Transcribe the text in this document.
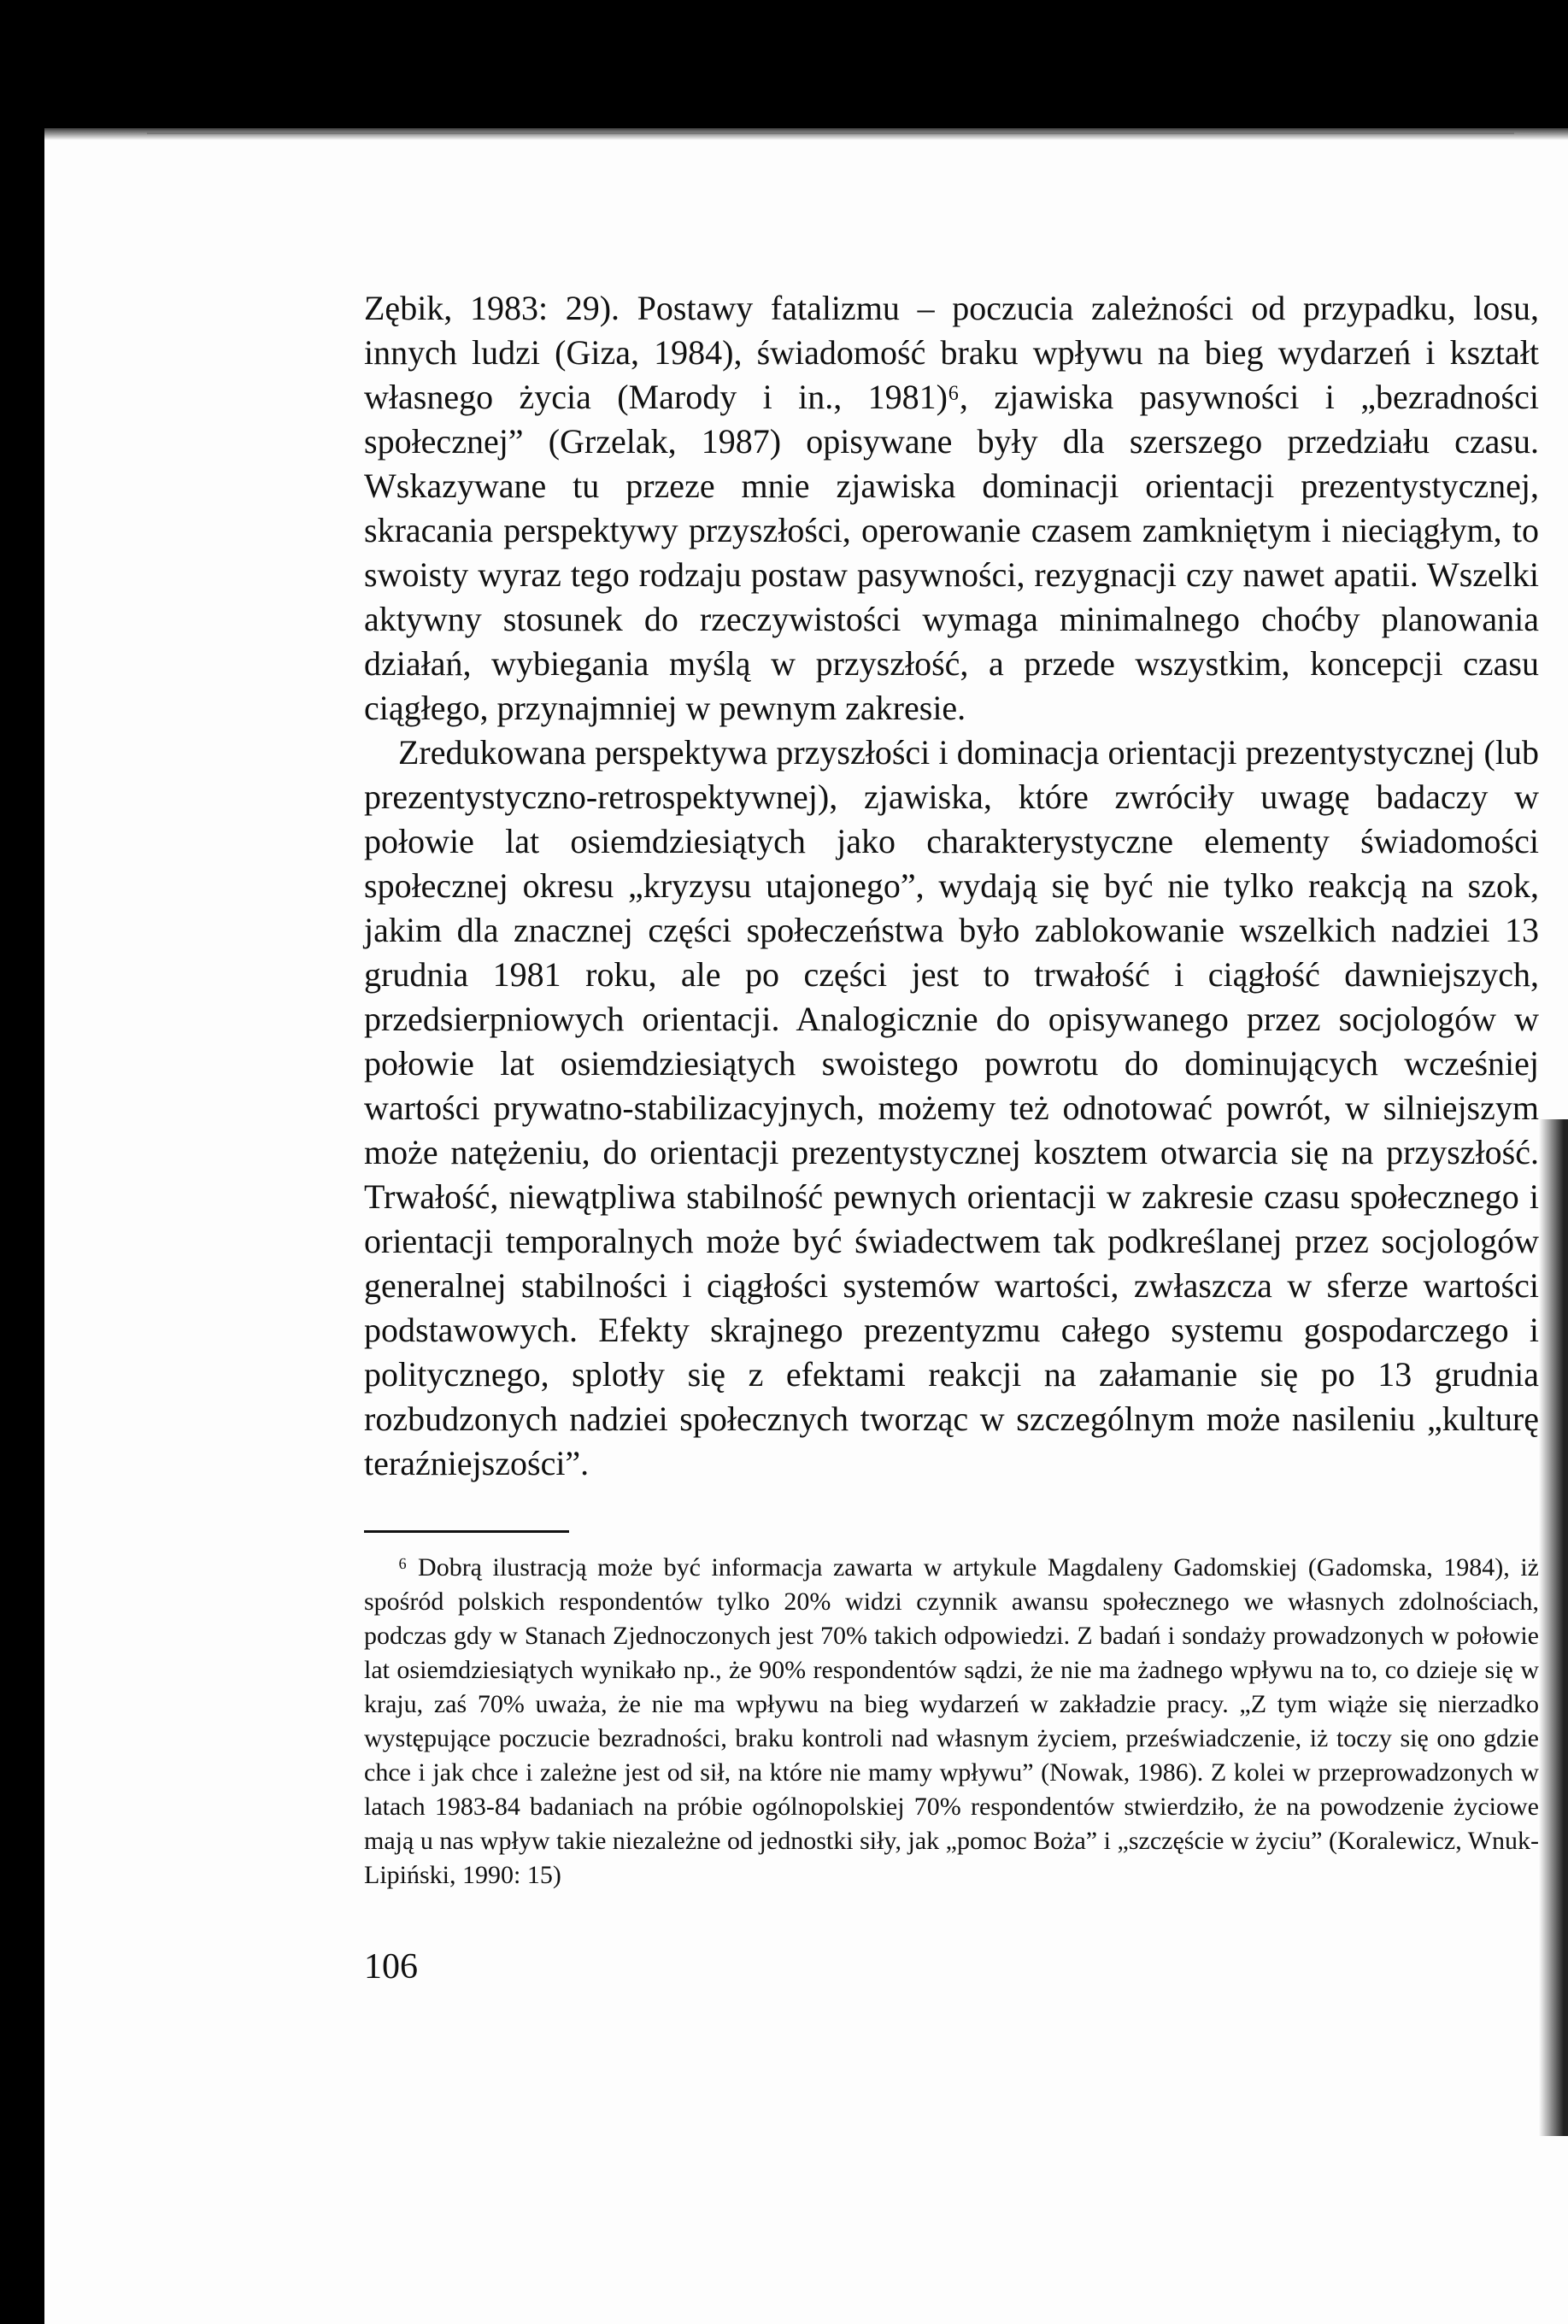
Zębik, 1983: 29). Postawy fatalizmu – poczucia zależności od przypadku, losu, innych ludzi (Giza, 1984), świadomość braku wpływu na bieg wydarzeń i kształt własnego życia (Marody i in., 1981)⁶, zjawiska pasywności i „bezradności społecznej” (Grzelak, 1987) opisywane były dla szerszego przedziału czasu. Wskazywane tu przeze mnie zjawiska dominacji orientacji prezentystycznej, skracania perspektywy przyszłości, operowanie czasem zamkniętym i nieciągłym, to swoisty wyraz tego rodzaju postaw pasywności, rezygnacji czy nawet apatii. Wszelki aktywny stosunek do rzeczywistości wymaga minimalnego choćby planowania działań, wybiegania myślą w przyszłość, a przede wszystkim, koncepcji czasu ciągłego, przynajmniej w pewnym zakresie.

Zredukowana perspektywa przyszłości i dominacja orientacji prezentystycznej (lub prezentystyczno-retrospektywnej), zjawiska, które zwróciły uwagę badaczy w połowie lat osiemdziesiątych jako charakterystyczne elementy świadomości społecznej okresu „kryzysu utajonego”, wydają się być nie tylko reakcją na szok, jakim dla znacznej części społeczeństwa było zablokowanie wszelkich nadziei 13 grudnia 1981 roku, ale po części jest to trwałość i ciągłość dawniejszych, przedsierpniowych orientacji. Analogicznie do opisywanego przez socjologów w połowie lat osiemdziesiątych swoistego powrotu do dominujących wcześniej wartości prywatno-stabilizacyjnych, możemy też odnotować powrót, w silniejszym może natężeniu, do orientacji prezentystycznej kosztem otwarcia się na przyszłość. Trwałość, niewątpliwa stabilność pewnych orientacji w zakresie czasu społecznego i orientacji temporalnych może być świadectwem tak podkreślanej przez socjologów generalnej stabilności i ciągłości systemów wartości, zwłaszcza w sferze wartości podstawowych. Efekty skrajnego prezentyzmu całego systemu gospodarczego i politycznego, splotły się z efektami reakcji na załamanie się po 13 grudnia rozbudzonych nadziei społecznych tworząc w szczególnym może nasileniu „kulturę teraźniejszości”.

⁶ Dobrą ilustracją może być informacja zawarta w artykule Magdaleny Gadomskiej (Gadomska, 1984), iż spośród polskich respondentów tylko 20% widzi czynnik awansu społecznego we własnych zdolnościach, podczas gdy w Stanach Zjednoczonych jest 70% takich odpowiedzi. Z badań i sondaży prowadzonych w połowie lat osiemdziesiątych wynikało np., że 90% respondentów sądzi, że nie ma żadnego wpływu na to, co dzieje się w kraju, zaś 70% uważa, że nie ma wpływu na bieg wydarzeń w zakładzie pracy. „Z tym wiąże się nierzadko występujące poczucie bezradności, braku kontroli nad własnym życiem, przeświadczenie, iż toczy się ono gdzie chce i jak chce i zależne jest od sił, na które nie mamy wpływu” (Nowak, 1986). Z kolei w przeprowadzonych w latach 1983-84 badaniach na próbie ogólnopolskiej 70% respondentów stwierdziło, że na powodzenie życiowe mają u nas wpływ takie niezależne od jednostki siły, jak „pomoc Boża” i „szczęście w życiu” (Koralewicz, Wnuk-Lipiński, 1990: 15)

106
